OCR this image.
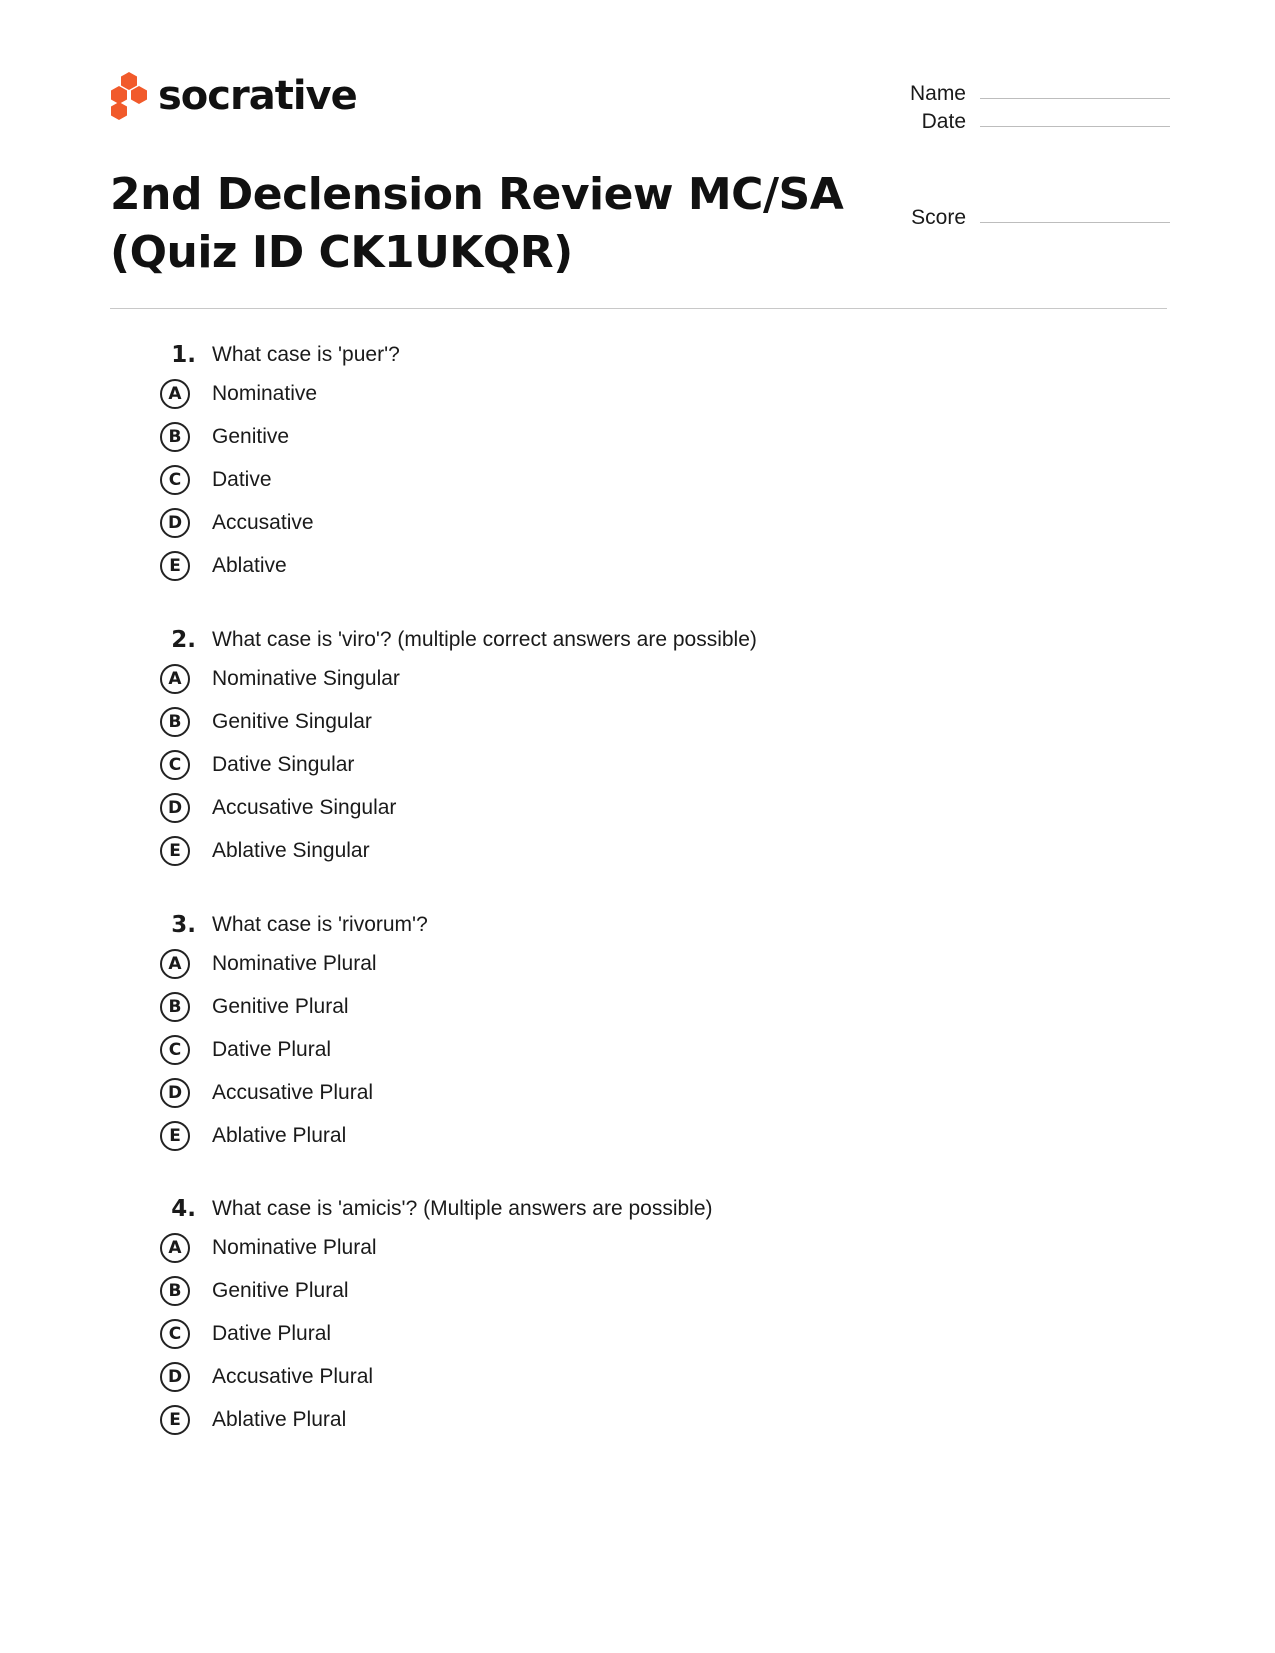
socrative	Name
Date
Score
2nd Declension Review MC/SA
(Quiz ID CK1UKQR)
1. What case is 'puer'?
A	Nominative
B	Genitive
C	Dative
D	Accusative
E	Ablative
2. What case is 'viro'? (multiple correct answers are possible)
A	Nominative Singular
B	Genitive Singular
C	Dative Singular
D	Accusative Singular
E	Ablative Singular
3. What case is 'rivorum'?
A	Nominative Plural
B	Genitive Plural
C	Dative Plural
D	Accusative Plural
E	Ablative Plural
4. What case is 'amicis'? (Multiple answers are possible)
A	Nominative Plural
B	Genitive Plural
C	Dative Plural
D	Accusative Plural
E	Ablative Plural
